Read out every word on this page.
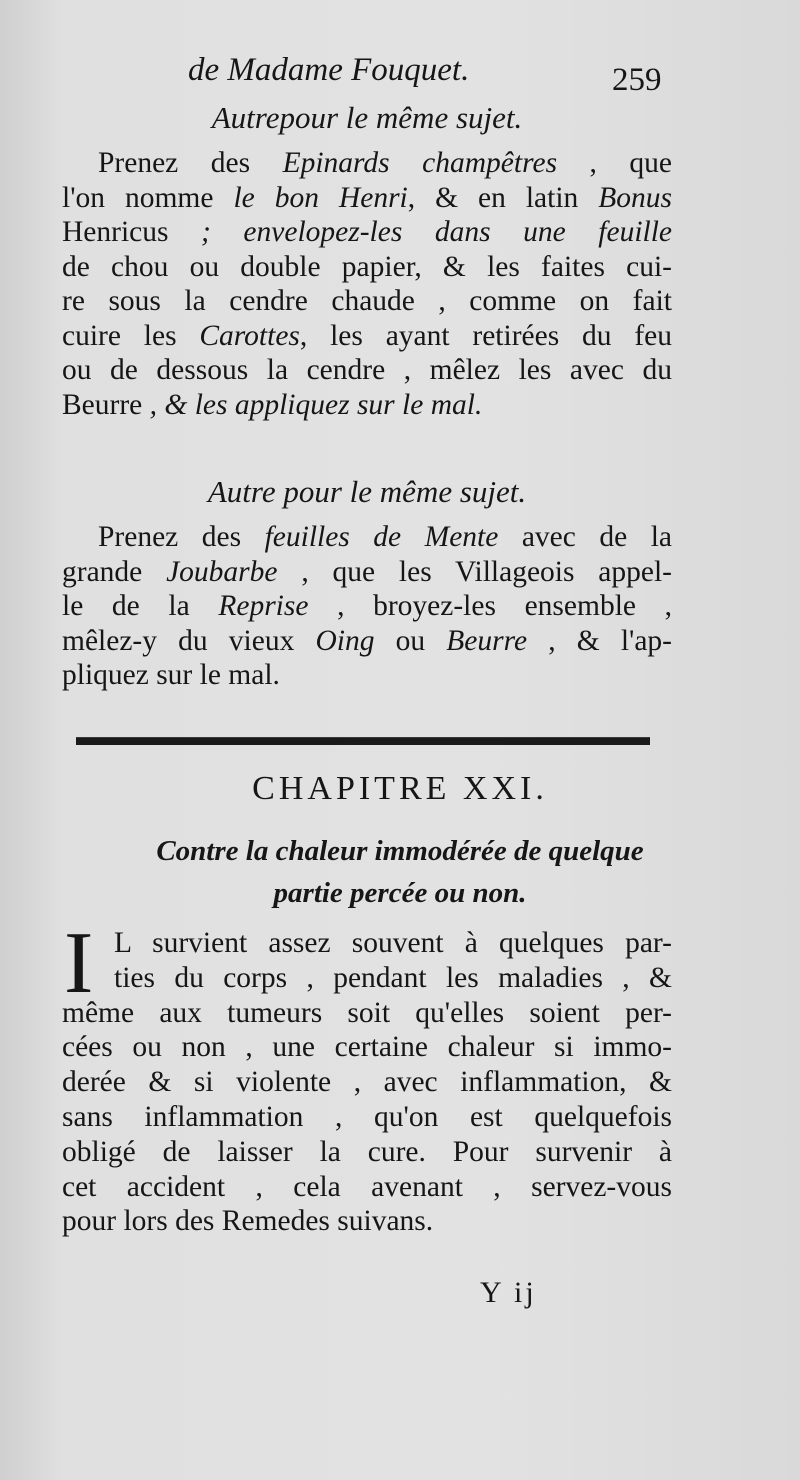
de Madame Fouquet.	259
Autrepour le même sujet.
Prenez des Epinards champêtres , que
l'on nomme le bon Henri, & en latin Bonus
Henricus ; envelopez-les dans une feuille
de chou ou double papier, & les faites cui-
re sous la cendre chaude , comme on fait
cuire les Carottes, les ayant retirées du feu
ou de dessous la cendre , mêlez les avec du
Beurre , & les appliquez sur le mal.
Autre pour le même sujet.
Prenez des feuilles de Mente avec de la
grande Joubarbe , que les Villageois appel-
le de la Reprise , broyez-les ensemble ,
mêlez-y du vieux Oing ou Beurre , & l'ap-
pliquez sur le mal.
CHAPITRE XXI.
Contre la chaleur immodérée de quelque
partie percée ou non.
I L survient assez souvent à quelques par-
ties du corps , pendant les maladies , &
même aux tumeurs soit qu'elles soient per-
cées ou non , une certaine chaleur si immo-
derée & si violente , avec inflammation, &
sans inflammation , qu'on est quelquefois
obligé de laisser la cure. Pour survenir à
cet accident , cela avenant , servez-vous
pour lors des Remedes suivans.
Y ij
